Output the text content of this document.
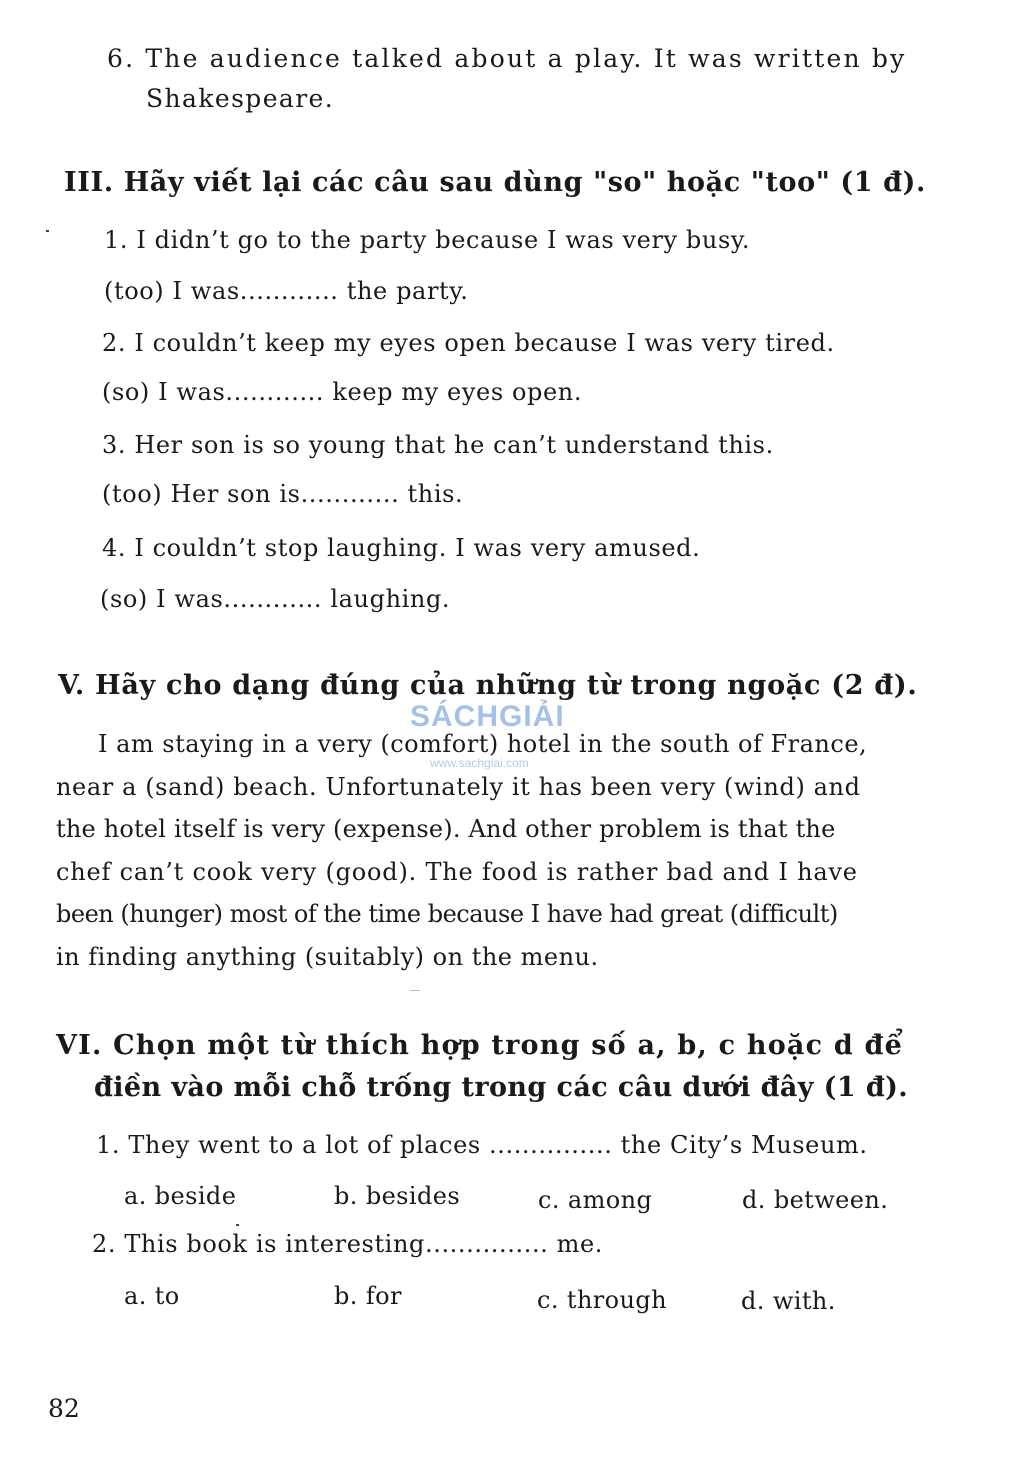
6. The audience talked about a play. It was written by
Shakespeare.
III. Hãy viết lại các câu sau dùng "so" hoặc "too" (1 đ).
1. I didn’t go to the party because I was very busy.
(too) I was............ the party.
2. I couldn’t keep my eyes open because I was very tired.
(so) I was............ keep my eyes open.
3. Her son is so young that he can’t understand this.
(too) Her son is............ this.
4. I couldn’t stop laughing. I was very amused.
(so) I was............ laughing.
V. Hãy cho dạng đúng của những từ trong ngoặc (2 đ).
I am staying in a very (comfort) hotel in the south of France,
near a (sand) beach. Unfortunately it has been very (wind) and
the hotel itself is very (expense). And other problem is that the
chef can’t cook very (good). The food is rather bad and I have
been (hunger) most of the time because I have had great (difficult)
in finding anything (suitably) on the menu.
SÁCHGIẢI
www.sachgiai.com
VI. Chọn một từ thích hợp trong số a, b, c hoặc d để
điền vào mỗi chỗ trống trong các câu dưới đây (1 đ).
1. They went to a lot of places ............... the City’s Museum.
a. beside	b. besides	c. among	d. between.
2. This book is interesting............... me.
a. to	b. for	c. through	d. with.
82
